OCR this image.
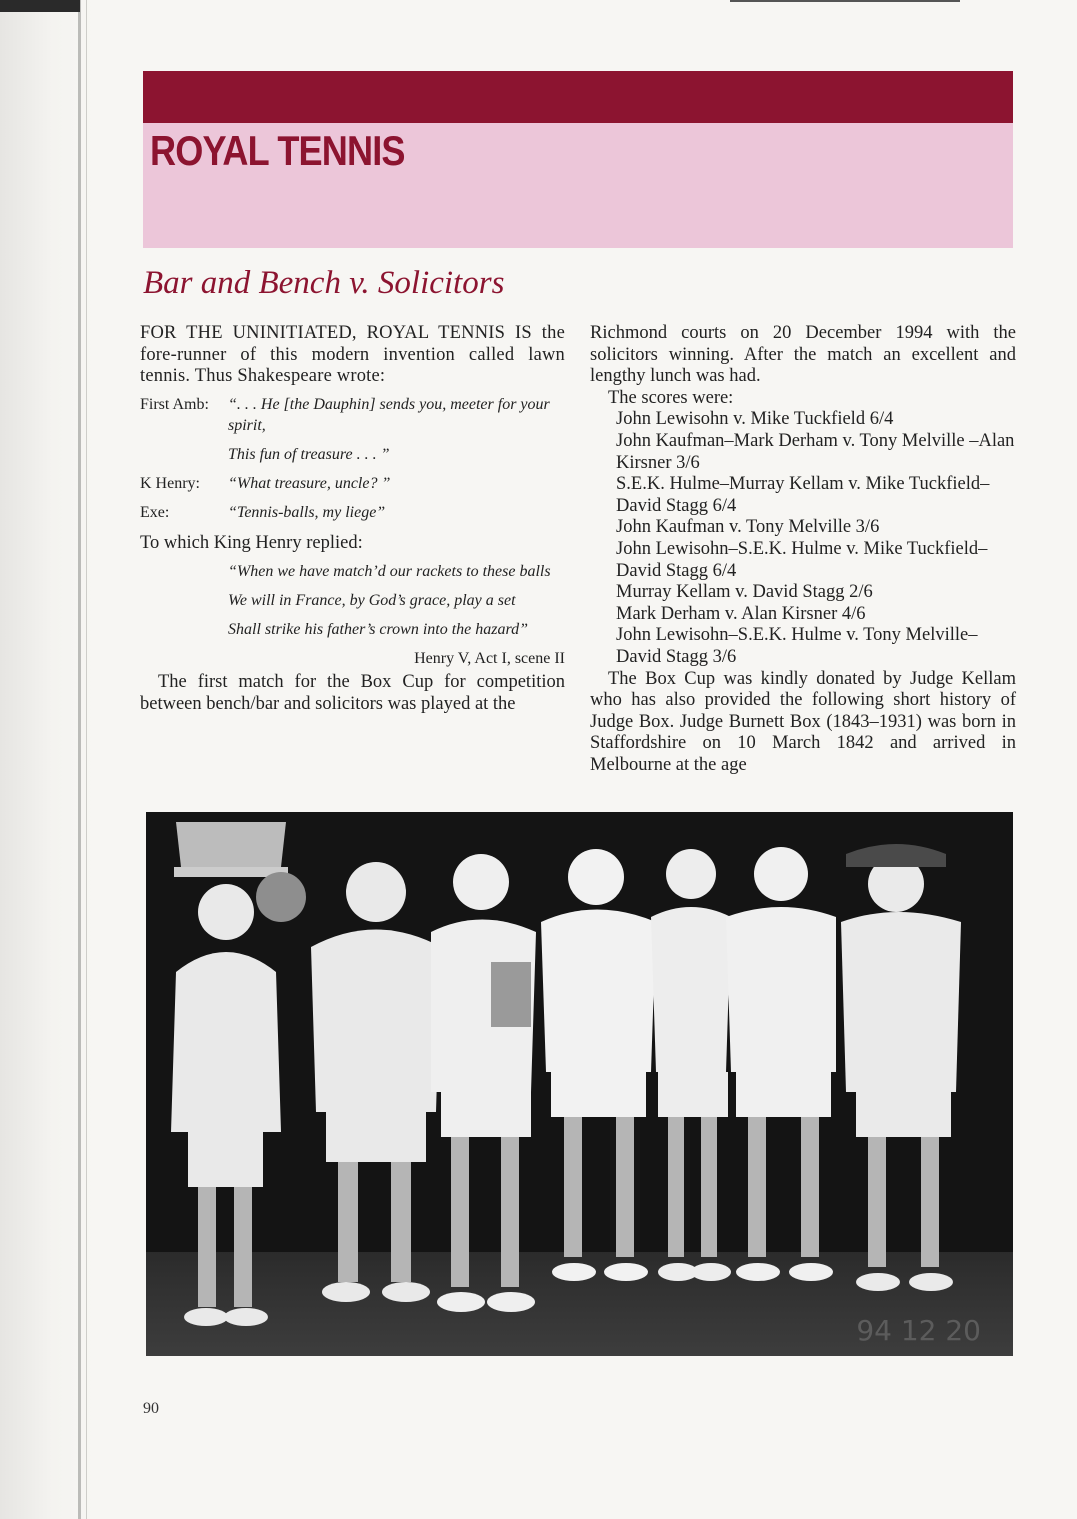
ROYAL TENNIS
Bar and Bench v. Solicitors

FOR THE UNINITIATED, ROYAL TENNIS IS the fore-runner of this modern invention called lawn tennis. Thus Shakespeare wrote:

First Amb:	“. . . He [the Dauphin] sends you, meeter for your spirit,
This fun of treasure . . . ”
K Henry:	“What treasure, uncle? ”
Exe:	“Tennis-balls, my liege”

To which King Henry replied:

“When we have match’d our rackets to these balls
We will in France, by God’s grace, play a set
Shall strike his father’s crown into the hazard”

Henry V, Act I, scene II

The first match for the Box Cup for competition between bench/bar and solicitors was played at the

Richmond courts on 20 December 1994 with the solicitors winning. After the match an excellent and lengthy lunch was had.

The scores were:

John Lewisohn v. Mike Tuckfield 6/4
John Kaufman–Mark Derham v. Tony Melville –Alan Kirsner 3/6
S.E.K. Hulme–Murray Kellam v. Mike Tuckfield–David Stagg 6/4
John Kaufman v. Tony Melville 3/6
John Lewisohn–S.E.K. Hulme v. Mike Tuckfield–David Stagg 6/4
Murray Kellam v. David Stagg 2/6
Mark Derham v. Alan Kirsner 4/6
John Lewisohn–S.E.K. Hulme v. Tony Melville–David Stagg 3/6

The Box Cup was kindly donated by Judge Kellam who has also provided the following short history of Judge Box. Judge Burnett Box (1843–1931) was born in Staffordshire on 10 March 1842 and arrived in Melbourne at the age

94 12 20

90
